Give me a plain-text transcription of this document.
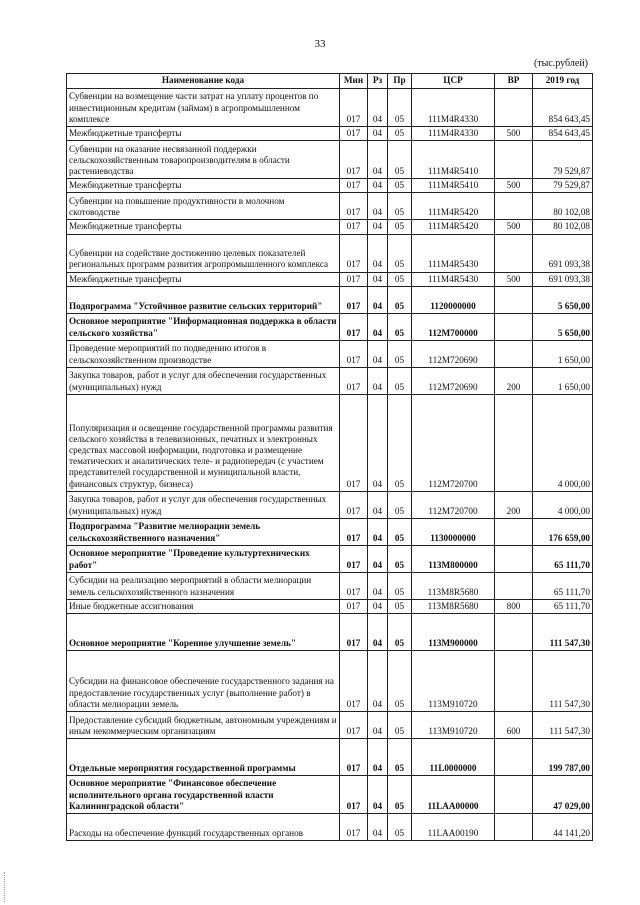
33
(тыс.рублей)
Наименование кода	Мин	Рз	Пр	ЦСР	ВР	2019 год
Субвенции на возмещение части затрат на уплату процентов по инвестиционным кредитам (займам) в агропромышленном комплексе	017	04	05	111M4R4330		854 643,45
Межбюджетные трансферты	017	04	05	111M4R4330	500	854 643,45
Субвенции на оказание несвязанной поддержки сельскохозяйственным товаропроизводителям в области растениеводства	017	04	05	111M4R5410		79 529,87
Межбюджетные трансферты	017	04	05	111M4R5410	500	79 529,87
Субвенции на повышение продуктивности в молочном скотоводстве	017	04	05	111M4R5420		80 102,08
Межбюджетные трансферты	017	04	05	111M4R5420	500	80 102,08
Субвенции на содействие достижению целевых показателей региональных программ развития агропромышленного комплекса	017	04	05	111M4R5430		691 093,38
Межбюджетные трансферты	017	04	05	111M4R5430	500	691 093,38
Подпрограмма "Устойчивое развитие сельских территорий"	017	04	05	1120000000		5 650,00
Основное мероприятие "Информационная поддержка в области сельского хозяйства"	017	04	05	112M700000		5 650,00
Проведение мероприятий по подведению итогов в сельскохозяйственном производстве	017	04	05	112M720690		1 650,00
Закупка товаров, работ и услуг для обеспечения государственных (муниципальных) нужд	017	04	05	112M720690	200	1 650,00
Популяризация и освещение государственной программы развития сельского хозяйства в телевизионных, печатных и электронных средствах массовой информации, подготовка и размещение тематических и аналитических теле- и радиопередач (с участием представителей государственной и муниципальной власти, финансовых структур, бизнеса)	017	04	05	112M720700		4 000,00
Закупка товаров, работ и услуг для обеспечения государственных (муниципальных) нужд	017	04	05	112M720700	200	4 000,00
Подпрограмма "Развитие мелиорации земель сельскохозяйственного назначения"	017	04	05	1130000000		176 659,00
Основное мероприятие "Проведение культуртехнических работ"	017	04	05	113M800000		65 111,70
Субсидии на реализацию мероприятий в области мелиорации земель сельскохозяйственного назначения	017	04	05	113M8R5680		65 111,70
Иные бюджетные ассигнования	017	04	05	113M8R5680	800	65 111,70
Основное мероприятие "Коренное улучшение земель"	017	04	05	113M900000		111 547,30
Субсидии на финансовое обеспечение государственного задания на предоставление государственных услуг (выполнение работ) в области мелиорации земель	017	04	05	113M910720		111 547,30
Предоставление субсидий бюджетным, автономным учреждениям и иным некоммерческим организациям	017	04	05	113M910720	600	111 547,30
Отдельные мероприятия государственной программы	017	04	05	11L0000000		199 787,00
Основное мероприятие "Финансовое обеспечение исполнительного органа государственной власти Калининградской области"	017	04	05	11LAA00000		47 029,00
Расходы на обеспечение функций государственных органов	017	04	05	11LAA00190		44 141,20
